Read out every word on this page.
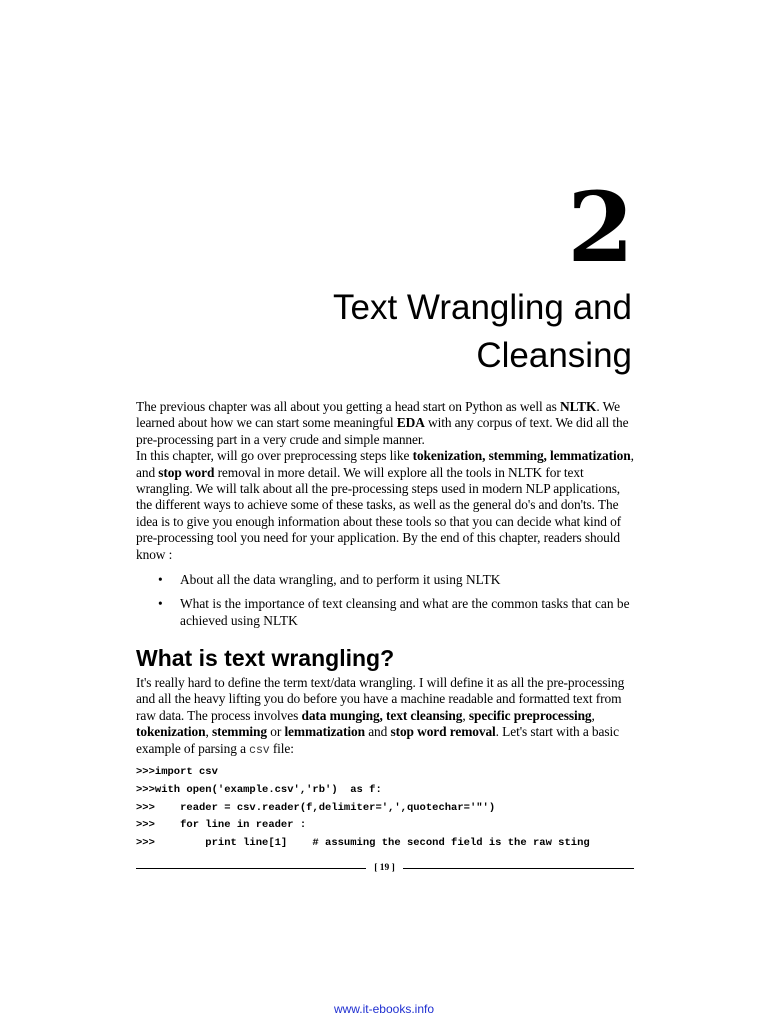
2
Text Wrangling and
Cleansing

The previous chapter was all about you getting a head start on Python as well as NLTK. We learned about how we can start some meaningful EDA with any corpus of text. We did all the pre-processing part in a very crude and simple manner.
In this chapter, will go over preprocessing steps like tokenization, stemming, lemmatization, and stop word removal in more detail. We will explore all the tools in NLTK for text wrangling. We will talk about all the pre-processing steps used in modern NLP applications, the different ways to achieve some of these tasks, as well as the general do's and don'ts. The idea is to give you enough information about these tools so that you can decide what kind of pre-processing tool you need for your application. By the end of this chapter, readers should know :

• About all the data wrangling, and to perform it using NLTK
• What is the importance of text cleansing and what are the common tasks that can be achieved using NLTK
What is text wrangling?

It's really hard to define the term text/data wrangling. I will define it as all the pre-processing and all the heavy lifting you do before you have a machine readable and formatted text from raw data. The process involves data munging, text cleansing, specific preprocessing, tokenization, stemming or lemmatization and stop word removal. Let's start with a basic example of parsing a csv file:

>>>import csv
>>>with open('example.csv','rb')  as f:
>>>    reader = csv.reader(f,delimiter=',',quotechar='"')
>>>    for line in reader :
>>>        print line[1]    # assuming the second field is the raw sting
[ 19 ]
www.it-ebooks.info
